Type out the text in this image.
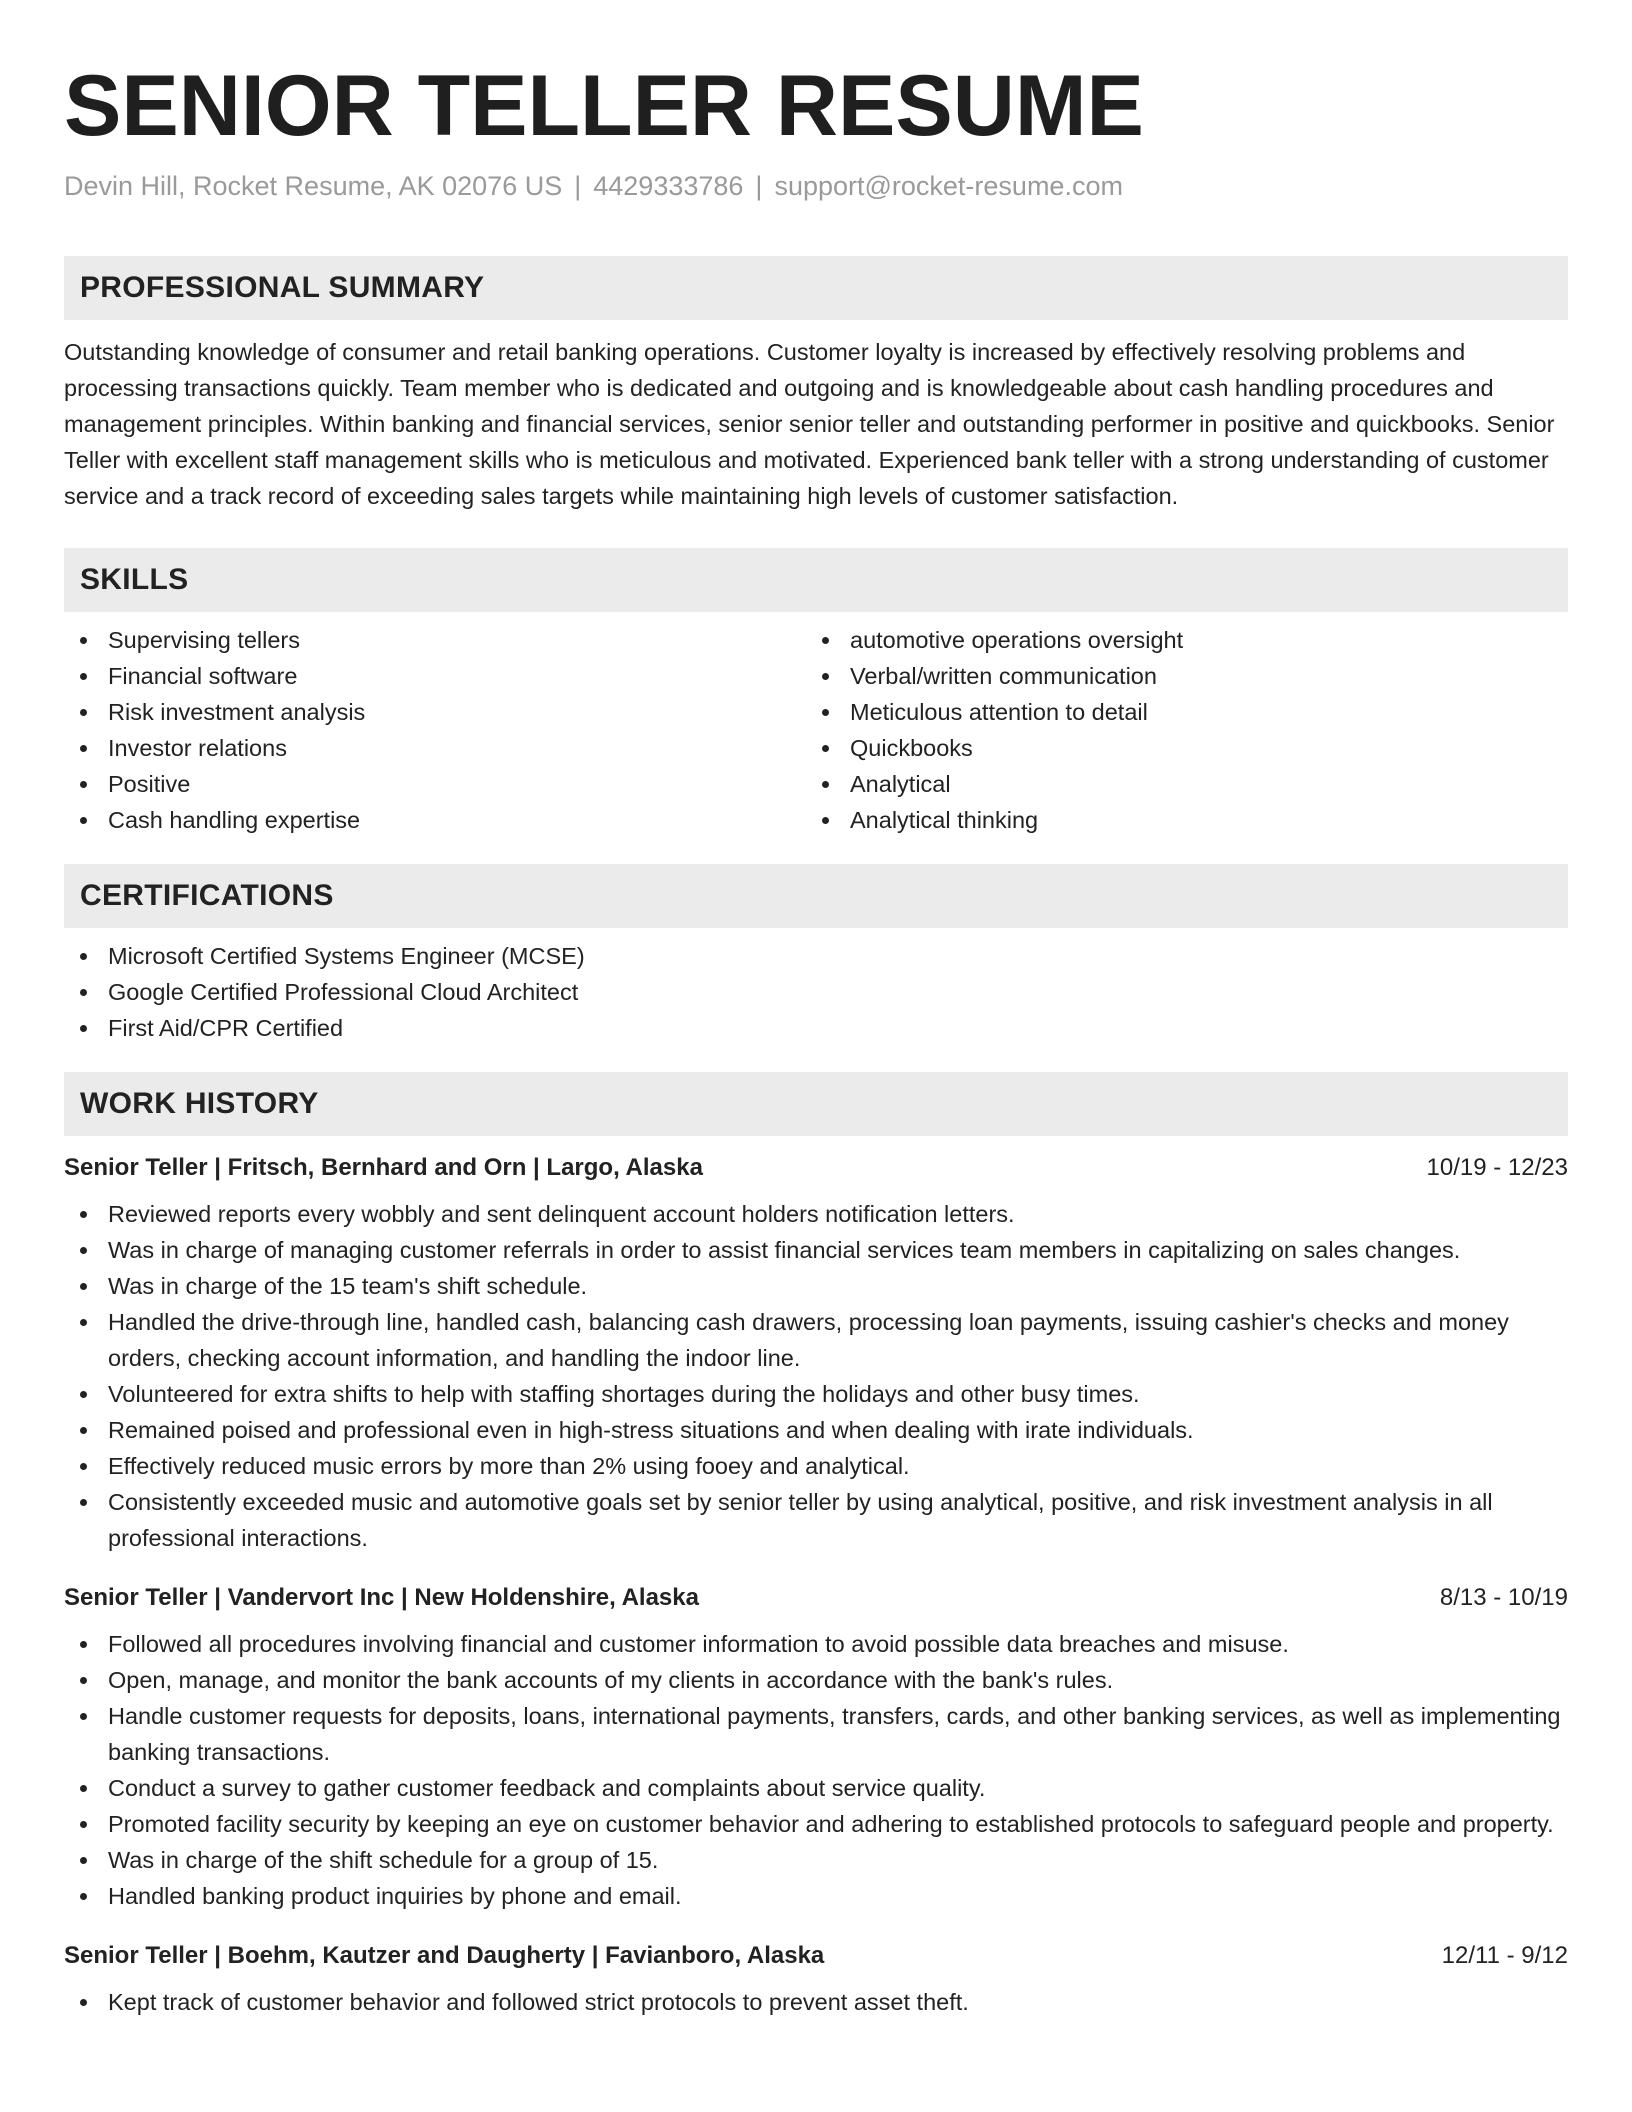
SENIOR TELLER RESUME
Devin Hill, Rocket Resume, AK 02076 US | 4429333786 | support@rocket-resume.com
PROFESSIONAL SUMMARY

Outstanding knowledge of consumer and retail banking operations. Customer loyalty is increased by effectively resolving problems and processing transactions quickly. Team member who is dedicated and outgoing and is knowledgeable about cash handling procedures and management principles. Within banking and financial services, senior senior teller and outstanding performer in positive and quickbooks. Senior Teller with excellent staff management skills who is meticulous and motivated. Experienced bank teller with a strong understanding of customer service and a track record of exceeding sales targets while maintaining high levels of customer satisfaction.

SKILLS
Supervising tellers
Financial software
Risk investment analysis
Investor relations
Positive
Cash handling expertise
automotive operations oversight
Verbal/written communication
Meticulous attention to detail
Quickbooks
Analytical
Analytical thinking
CERTIFICATIONS
Microsoft Certified Systems Engineer (MCSE)
Google Certified Professional Cloud Architect
First Aid/CPR Certified
WORK HISTORY
Senior Teller | Fritsch, Bernhard and Orn | Largo, Alaska	10/19 - 12/23
Reviewed reports every wobbly and sent delinquent account holders notification letters.
Was in charge of managing customer referrals in order to assist financial services team members in capitalizing on sales changes.
Was in charge of the 15 team's shift schedule.
Handled the drive-through line, handled cash, balancing cash drawers, processing loan payments, issuing cashier's checks and money orders, checking account information, and handling the indoor line.
Volunteered for extra shifts to help with staffing shortages during the holidays and other busy times.
Remained poised and professional even in high-stress situations and when dealing with irate individuals.
Effectively reduced music errors by more than 2% using fooey and analytical.
Consistently exceeded music and automotive goals set by senior teller by using analytical, positive, and risk investment analysis in all professional interactions.
Senior Teller | Vandervort Inc | New Holdenshire, Alaska	8/13 - 10/19
Followed all procedures involving financial and customer information to avoid possible data breaches and misuse.
Open, manage, and monitor the bank accounts of my clients in accordance with the bank's rules.
Handle customer requests for deposits, loans, international payments, transfers, cards, and other banking services, as well as implementing banking transactions.
Conduct a survey to gather customer feedback and complaints about service quality.
Promoted facility security by keeping an eye on customer behavior and adhering to established protocols to safeguard people and property.
Was in charge of the shift schedule for a group of 15.
Handled banking product inquiries by phone and email.
Senior Teller | Boehm, Kautzer and Daugherty | Favianboro, Alaska	12/11 - 9/12
Kept track of customer behavior and followed strict protocols to prevent asset theft.
